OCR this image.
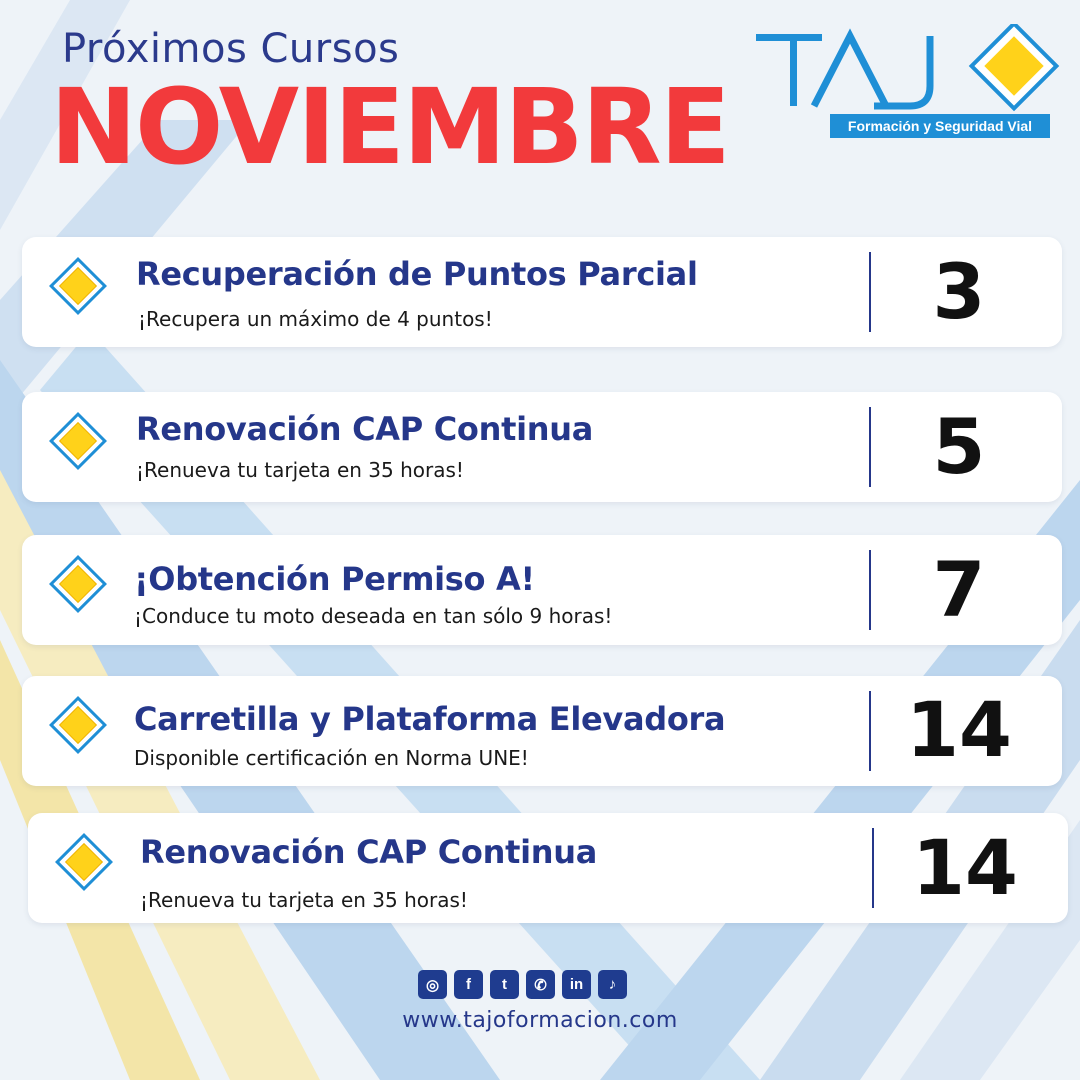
Próximos Cursos
NOVIEMBRE	Formación y Seguridad Vial
Recuperación de Puntos Parcial
¡Recupera un máximo de 4 puntos!	3
Renovación CAP Continua
¡Renueva tu tarjeta en 35 horas!	5
¡Obtención Permiso A!
¡Conduce tu moto deseada en tan sólo 9 horas!	7
Carretilla y Plataforma Elevadora
Disponible certificación en Norma UNE!	14
Renovación CAP Continua
¡Renueva tu tarjeta en 35 horas!	14
◎	f	t	✆	in	♪
www.tajoformacion.com
